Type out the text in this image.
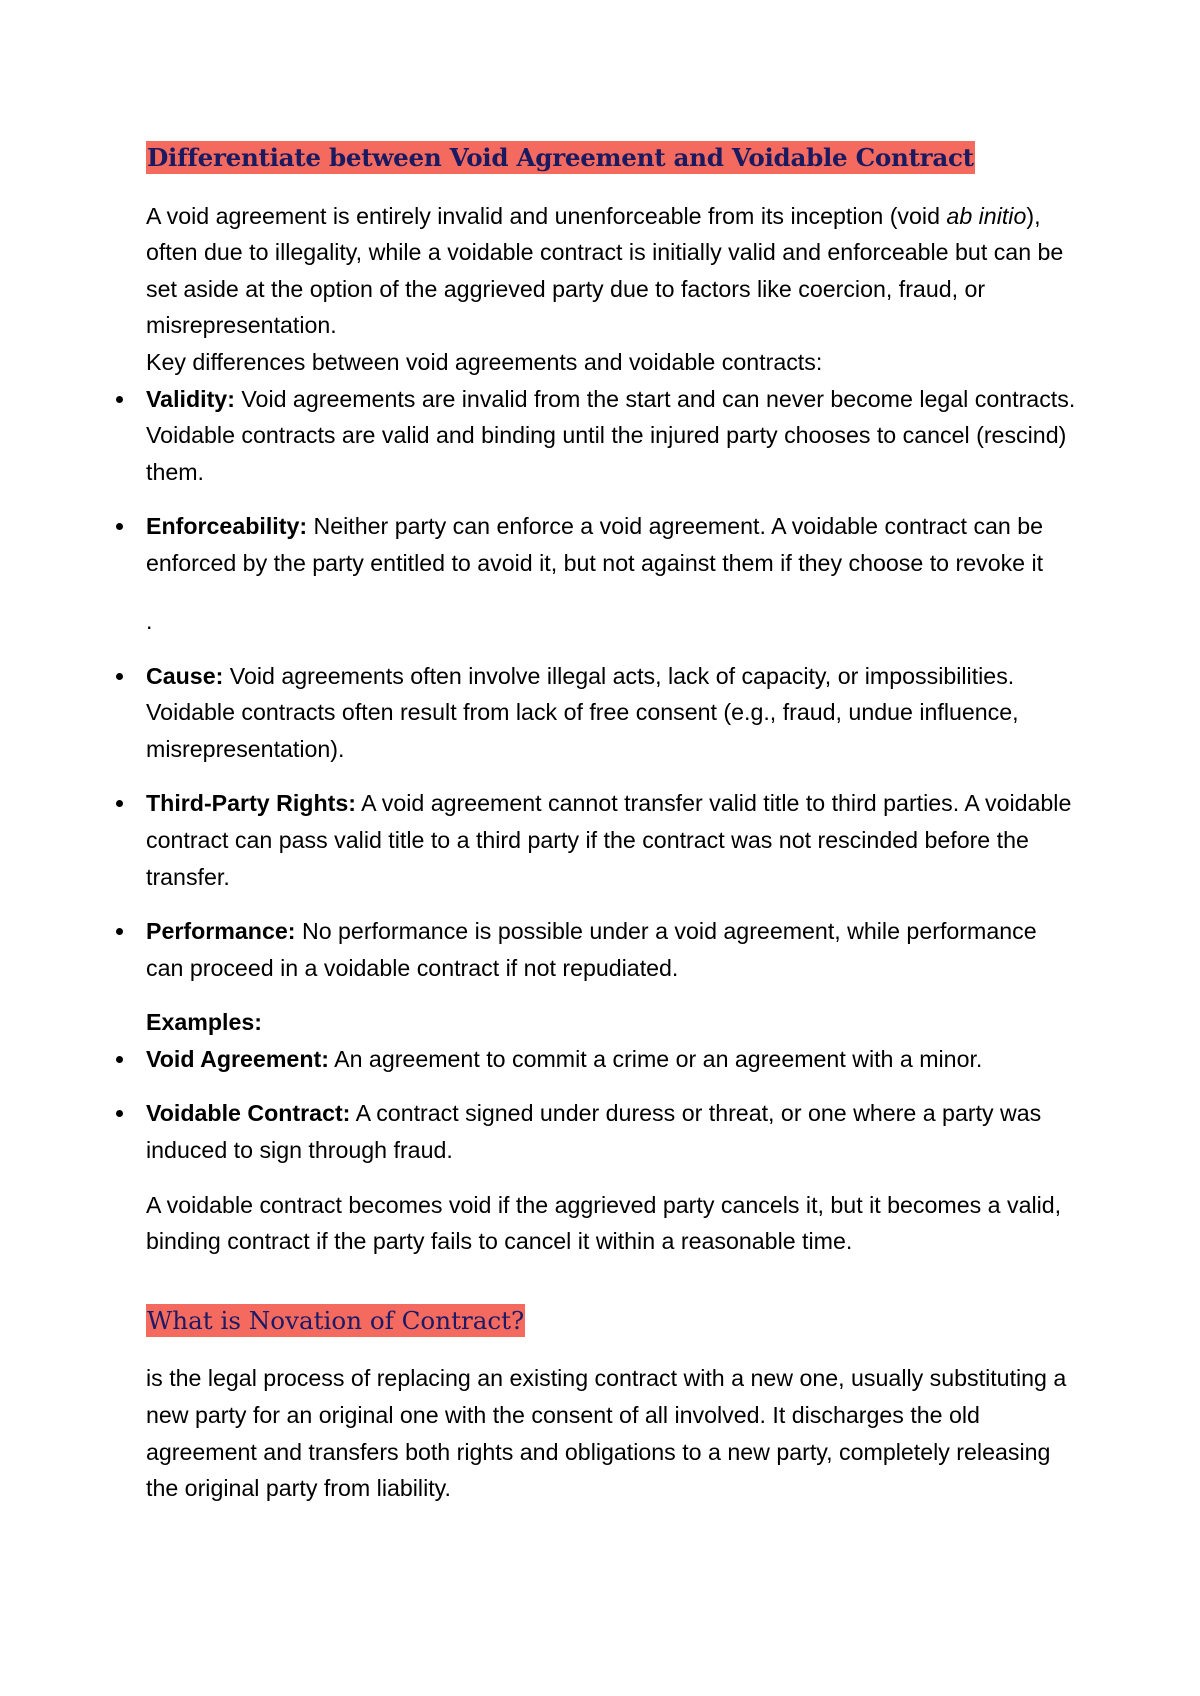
Differentiate between Void Agreement and Voidable Contract

A void agreement is entirely invalid and unenforceable from its inception (void ab initio), often due to illegality, while a voidable contract is initially valid and enforceable but can be set aside at the option of the aggrieved party due to factors like coercion, fraud, or misrepresentation.
Key differences between void agreements and voidable contracts:

Validity: Void agreements are invalid from the start and can never become legal contracts. Voidable contracts are valid and binding until the injured party chooses to cancel (rescind) them.
Enforceability: Neither party can enforce a void agreement. A voidable contract can be enforced by the party entitled to avoid it, but not against them if they choose to revoke it

.

Cause: Void agreements often involve illegal acts, lack of capacity, or impossibilities. Voidable contracts often result from lack of free consent (e.g., fraud, undue influence, misrepresentation).
Third-Party Rights: A void agreement cannot transfer valid title to third parties. A voidable contract can pass valid title to a third party if the contract was not rescinded before the transfer.
Performance: No performance is possible under a void agreement, while performance can proceed in a voidable contract if not repudiated.

Examples:

Void Agreement: An agreement to commit a crime or an agreement with a minor.
Voidable Contract: A contract signed under duress or threat, or one where a party was induced to sign through fraud.

A voidable contract becomes void if the aggrieved party cancels it, but it becomes a valid, binding contract if the party fails to cancel it within a reasonable time.

What is Novation of Contract?

is the legal process of replacing an existing contract with a new one, usually substituting a new party for an original one with the consent of all involved. It discharges the old agreement and transfers both rights and obligations to a new party, completely releasing the original party from liability.
